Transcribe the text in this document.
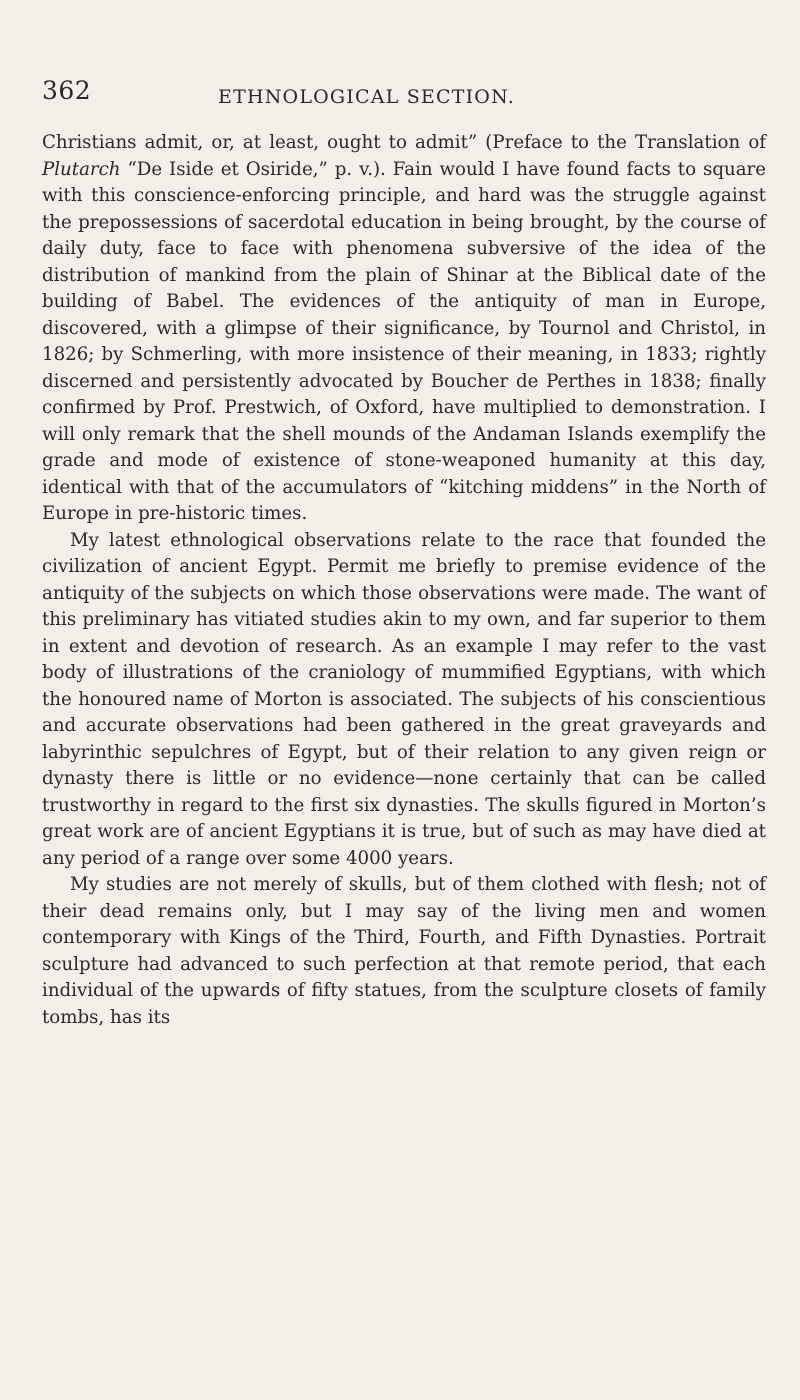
362	ETHNOLOGICAL SECTION.

Christians admit, or, at least, ought to admit” (Preface to the Translation of Plutarch “De Iside et Osiride,” p. v.). Fain would I have found facts to square with this conscience-enforcing principle, and hard was the struggle against the prepossessions of sacerdotal education in being brought, by the course of daily duty, face to face with phenomena subversive of the idea of the distribution of mankind from the plain of Shinar at the Biblical date of the building of Babel. The evidences of the antiquity of man in Europe, discovered, with a glimpse of their significance, by Tournol and Christol, in 1826; by Schmerling, with more insistence of their meaning, in 1833; rightly discerned and persistently advocated by Boucher de Perthes in 1838; finally confirmed by Prof. Prestwich, of Oxford, have multiplied to demonstration. I will only remark that the shell mounds of the Andaman Islands exemplify the grade and mode of existence of stone-weaponed humanity at this day, identical with that of the accumulators of “kitching middens” in the North of Europe in pre-historic times.

My latest ethnological observations relate to the race that founded the civilization of ancient Egypt. Permit me briefly to premise evidence of the antiquity of the subjects on which those observations were made. The want of this preliminary has vitiated studies akin to my own, and far superior to them in extent and devotion of research. As an example I may refer to the vast body of illustrations of the craniology of mummified Egyptians, with which the honoured name of Morton is associated. The subjects of his conscientious and accurate observations had been gathered in the great graveyards and labyrinthic sepulchres of Egypt, but of their relation to any given reign or dynasty there is little or no evidence—none certainly that can be called trustworthy in regard to the first six dynasties. The skulls figured in Morton’s great work are of ancient Egyptians it is true, but of such as may have died at any period of a range over some 4000 years.

My studies are not merely of skulls, but of them clothed with flesh; not of their dead remains only, but I may say of the living men and women contemporary with Kings of the Third, Fourth, and Fifth Dynasties. Portrait sculpture had advanced to such perfection at that remote period, that each individual of the upwards of fifty statues, from the sculpture closets of family tombs, has its
